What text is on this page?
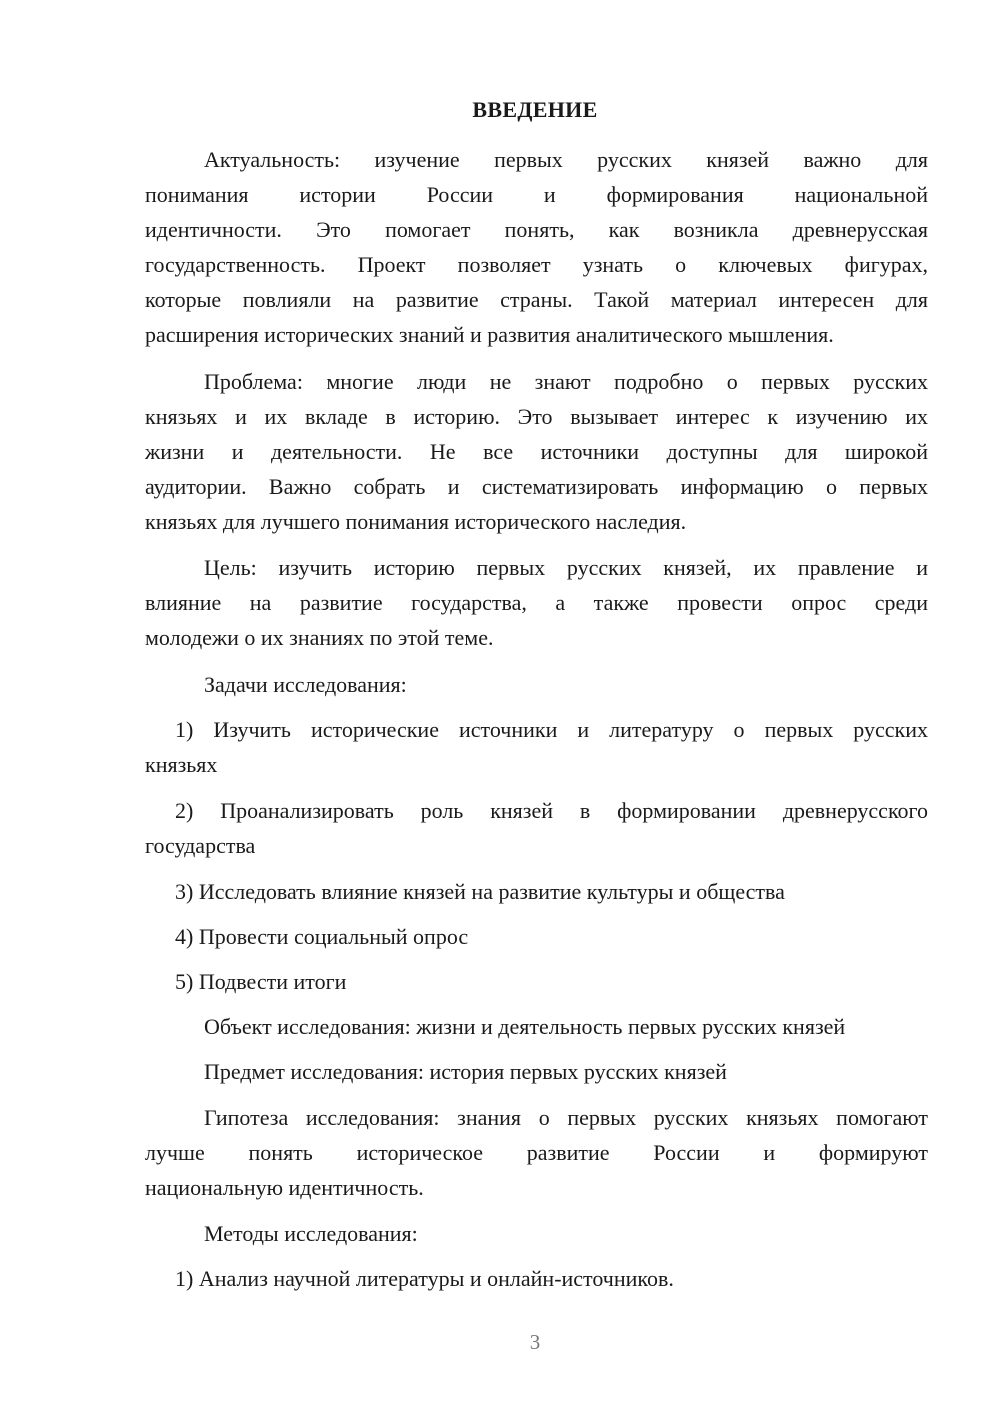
ВВЕДЕНИЕ
Актуальность: изучение первых русских князей важно для
понимания истории России и формирования национальной
идентичности. Это помогает понять, как возникла древнерусская
государственность. Проект позволяет узнать о ключевых фигурах,
которые повлияли на развитие страны. Такой материал интересен для
расширения исторических знаний и развития аналитического мышления.
Проблема: многие люди не знают подробно о первых русских
князьях и их вкладе в историю. Это вызывает интерес к изучению их
жизни и деятельности. Не все источники доступны для широкой
аудитории. Важно собрать и систематизировать информацию о первых
князьях для лучшего понимания исторического наследия.
Цель: изучить историю первых русских князей, их правление и
влияние на развитие государства, а также провести опрос среди
молодежи о их знаниях по этой теме.
Задачи исследования:
1) Изучить исторические источники и литературу о первых русских
князьях
2) Проанализировать роль князей в формировании древнерусского
государства
3) Исследовать влияние князей на развитие культуры и общества
4) Провести социальный опрос
5) Подвести итоги
Объект исследования: жизни и деятельность первых русских князей
Предмет исследования: история первых русских князей
Гипотеза исследования: знания о первых русских князьях помогают
лучше понять историческое развитие России и формируют
национальную идентичность.
Методы исследования:
1) Анализ научной литературы и онлайн-источников.
3
